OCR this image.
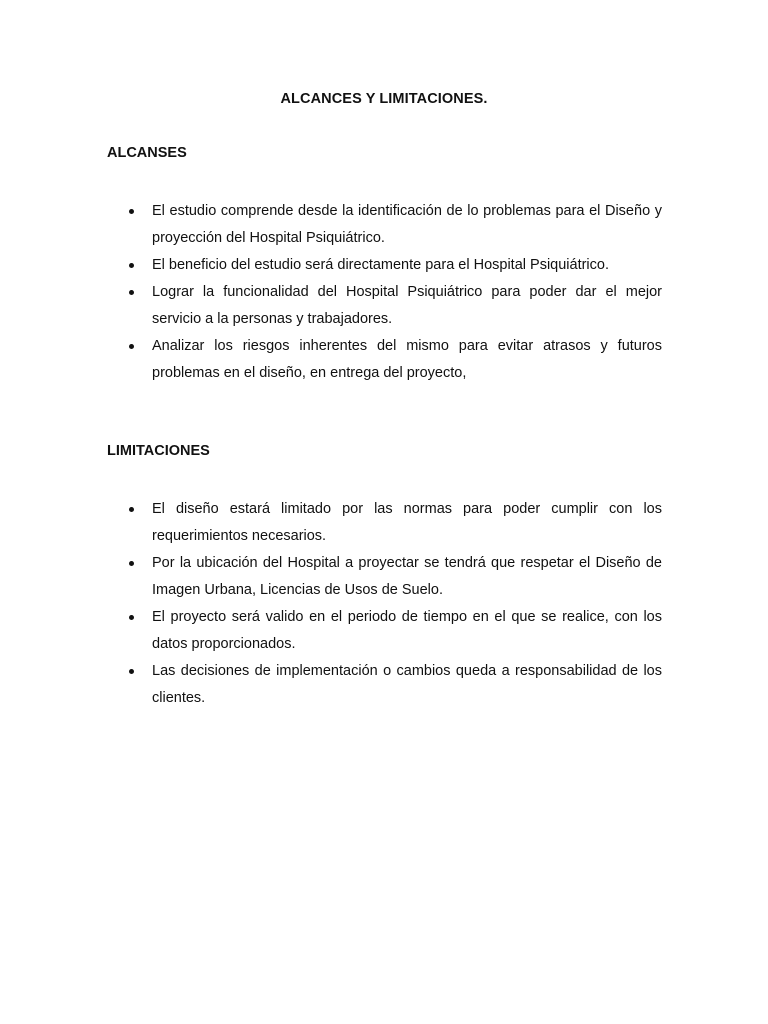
ALCANCES Y LIMITACIONES.
ALCANSES
El estudio comprende desde la identificación de lo problemas para el Diseño y proyección del Hospital Psiquiátrico.
El beneficio del estudio será directamente para el Hospital Psiquiátrico.
Lograr la funcionalidad del Hospital Psiquiátrico para poder dar el mejor servicio a la personas y trabajadores.
Analizar los riesgos inherentes del mismo para evitar atrasos y futuros problemas en el diseño, en entrega del proyecto,
LIMITACIONES
El diseño estará limitado por las normas para poder cumplir con los requerimientos necesarios.
Por la ubicación del Hospital a proyectar se tendrá que respetar el Diseño de Imagen Urbana, Licencias de Usos de Suelo.
El proyecto será valido en el periodo de tiempo en el que se realice, con los datos proporcionados.
Las decisiones de implementación o cambios queda a responsabilidad de los clientes.
